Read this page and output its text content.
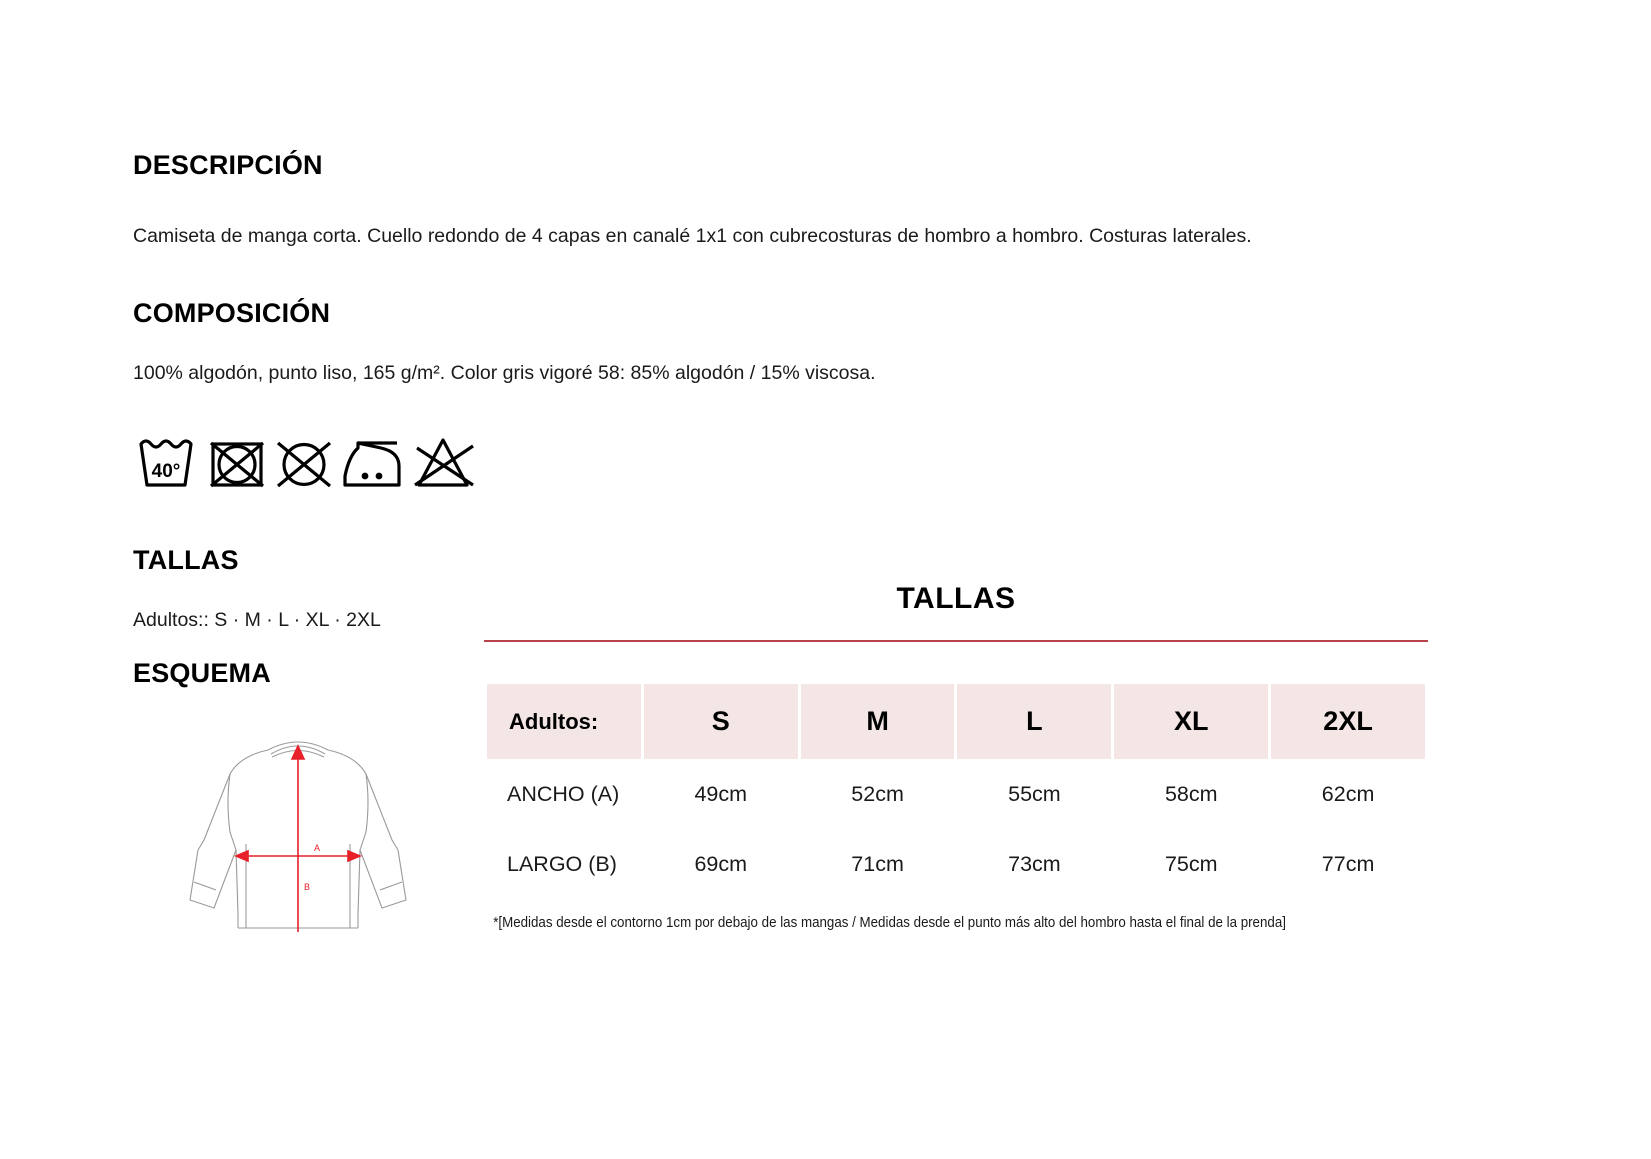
DESCRIPCIÓN

Camiseta de manga corta. Cuello redondo de 4 capas en canalé 1x1 con cubrecosturas de hombro a hombro. Costuras laterales.

COMPOSICIÓN

100% algodón, punto liso, 165 g/m². Color gris vigoré 58: 85% algodón / 15% viscosa.

40°
TALLAS

Adultos:: S · M · L · XL · 2XL

ESQUEMA
A
B
TALLAS
Adultos:	S	M	L	XL	2XL
ANCHO (A)	49cm	52cm	55cm	58cm	62cm
LARGO (B)	69cm	71cm	73cm	75cm	77cm
*[Medidas desde el contorno 1cm por debajo de las mangas / Medidas desde el punto más alto del hombro hasta el final de la prenda]
